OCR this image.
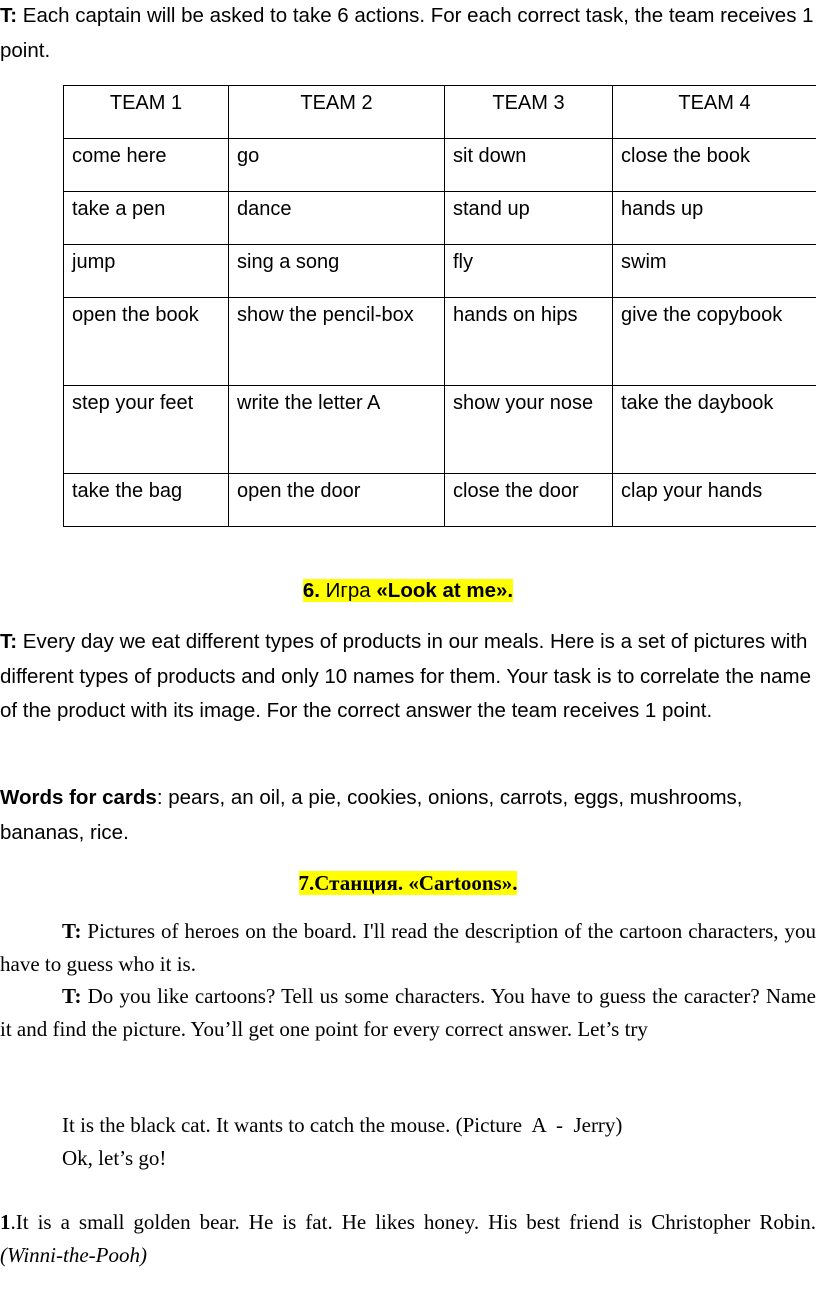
T: Each captain will be asked to take 6 actions. For each correct task, the team receives 1 point.

TEAM 1	TEAM 2	TEAM 3	TEAM 4
come here	go	sit down	close the book
take a pen	dance	stand up	hands up
jump	sing a song	fly	swim
open the book	show the pencil-box	hands on hips	give the copybook
step your feet	write the letter A	show your nose	take the daybook
take the bag	open the door	close the door	clap your hands
6. Игра «Look at me».

T: Every day we eat different types of products in our meals. Here is a set of pictures with different types of products and only 10 names for them. Your task is to correlate the name of the product with its image. For the correct answer the team receives 1 point.

Words for cards: pears, an oil, a pie, cookies, onions, carrots, eggs, mushrooms, bananas, rice.

7.Станция. «Cartoons».

T: Pictures of heroes on the board. I'll read the description of the cartoon characters, you have to guess who it is.

T: Do you like cartoons? Tell us some characters. You have to guess the caracter? Name it and find the picture. You’ll get one point for every correct answer. Let’s try

It is the black cat. It wants to catch the mouse. (Picture  A  -  Jerry)

Ok, let’s go!

1.It is a small golden bear. He is fat. He likes honey. His best friend is Christopher Robin. (Winni-the-Pooh)
